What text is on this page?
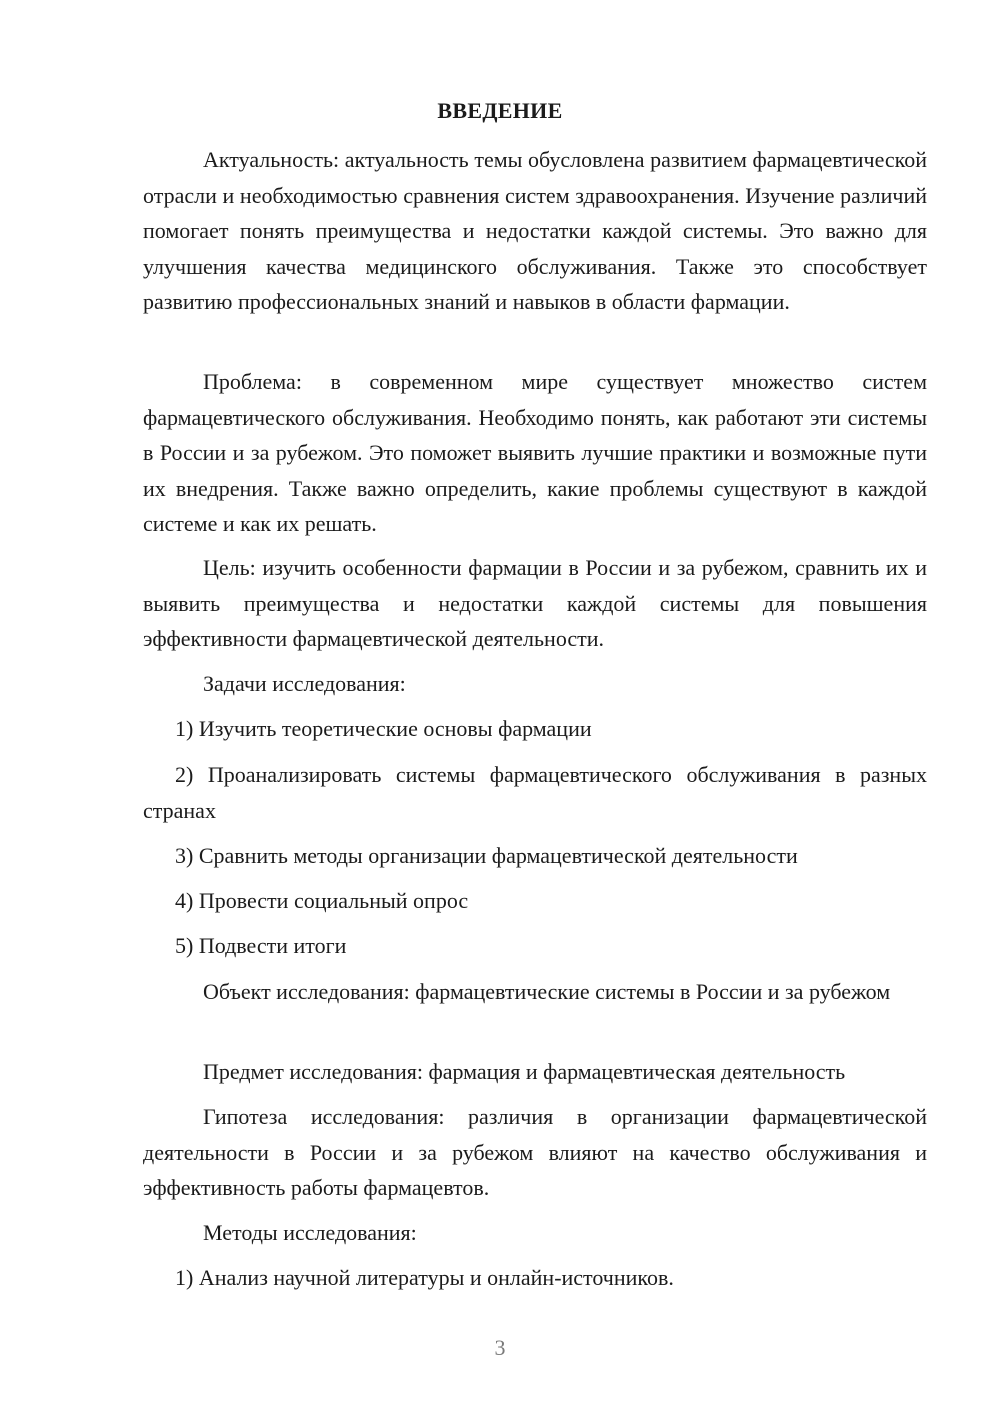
ВВЕДЕНИЕ

Актуальность: актуальность темы обусловлена развитием фармацевтической отрасли и необходимостью сравнения систем здравоохранения. Изучение различий помогает понять преимущества и недостатки каждой системы. Это важно для улучшения качества медицинского обслуживания. Также это способствует развитию профессиональных знаний и навыков в области фармации.

Проблема: в современном мире существует множество систем фармацевтического обслуживания. Необходимо понять, как работают эти системы в России и за рубежом. Это поможет выявить лучшие практики и возможные пути их внедрения. Также важно определить, какие проблемы существуют в каждой системе и как их решать.

Цель: изучить особенности фармации в России и за рубежом, сравнить их и выявить преимущества и недостатки каждой системы для повышения эффективности фармацевтической деятельности.

Задачи исследования:

1) Изучить теоретические основы фармации

2) Проанализировать системы фармацевтического обслуживания в разных странах

3) Сравнить методы организации фармацевтической деятельности

4) Провести социальный опрос

5) Подвести итоги

Объект исследования: фармацевтические системы в России и за рубежом

Предмет исследования: фармация и фармацевтическая деятельность

Гипотеза исследования: различия в организации фармацевтической деятельности в России и за рубежом влияют на качество обслуживания и эффективность работы фармацевтов.

Методы исследования:

1) Анализ научной литературы и онлайн-источников.

3
